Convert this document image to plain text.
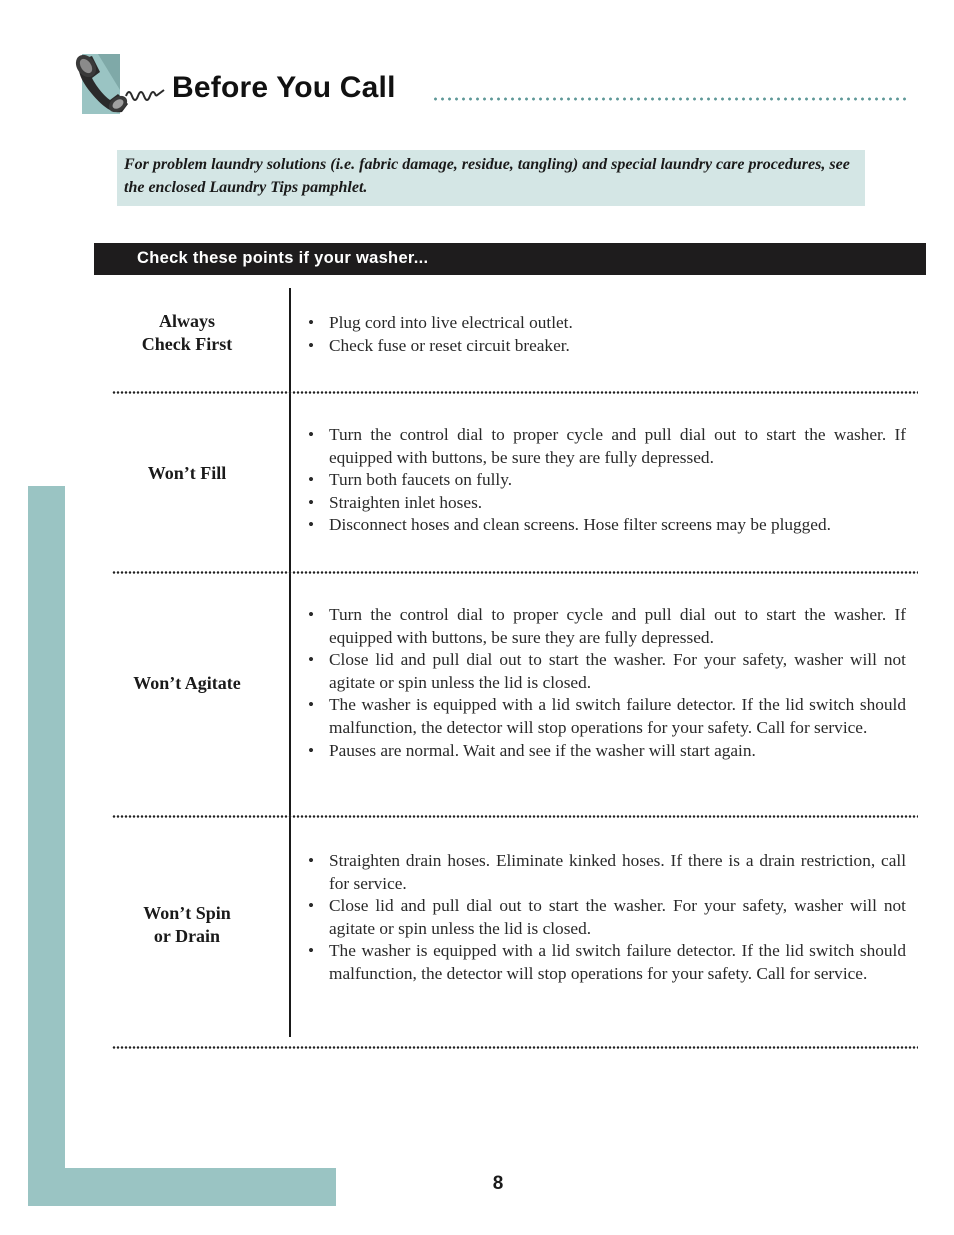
Before You Call
For problem laundry solutions (i.e. fabric damage, residue, tangling) and special laundry care procedures, see the enclosed Laundry Tips pamphlet.
Check these points if your washer...
Always
Check First
• Plug cord into live electrical outlet.
• Check fuse or reset circuit breaker.
Won’t Fill
• Turn the control dial to proper cycle and pull dial out to start the washer. If equipped with buttons, be sure they are fully depressed.
• Turn both faucets on fully.
• Straighten inlet hoses.
• Disconnect hoses and clean screens. Hose filter screens may be plugged.
Won’t Agitate
• Turn the control dial to proper cycle and pull dial out to start the washer. If equipped with buttons, be sure they are fully depressed.
• Close lid and pull dial out to start the washer. For your safety, washer will not agitate or spin unless the lid is closed.
• The washer is equipped with a lid switch failure detector. If the lid switch should malfunction, the detector will stop operations for your safety. Call for service.
• Pauses are normal. Wait and see if the washer will start again.
Won’t Spin
or Drain
• Straighten drain hoses. Eliminate kinked hoses. If there is a drain restriction, call for service.
• Close lid and pull dial out to start the washer. For your safety, washer will not agitate or spin unless the lid is closed.
• The washer is equipped with a lid switch failure detector. If the lid switch should malfunction, the detector will stop operations for your safety. Call for service.
8
